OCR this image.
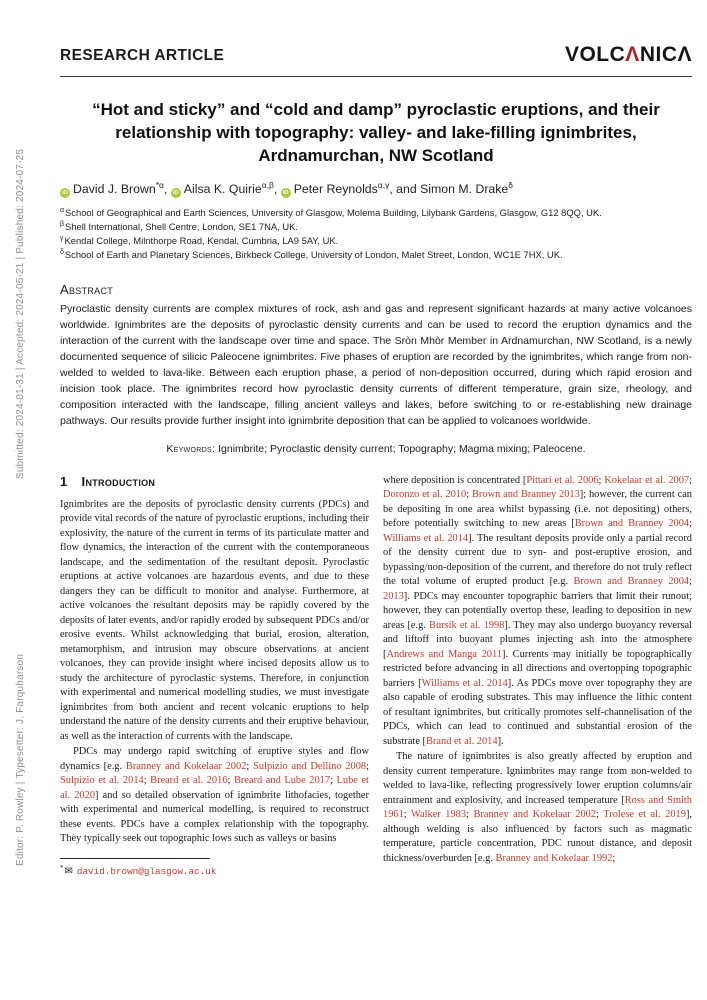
Submitted: 2024-01-31 | Accepted: 2024-05-21 | Published: 2024-07-25
Editor: P. Rowley | Typesetter: J. Farquharson
RESEARCH ARTICLE	VOLCΛNICΛ
“Hot and sticky” and “cold and damp” pyroclastic eruptions, and their relationship with topography: valley- and lake-filling ignimbrites, Ardnamurchan, NW Scotland
iD David J. Brown$^{*\alpha}$, iD Ailsa K. Quirie$^{\alpha,\beta}$, iD Peter Reynolds$^{\alpha,\gamma}$, and Simon M. Drake$^\delta$
$^\alpha$School of Geographical and Earth Sciences, University of Glasgow, Molema Building, Lilybank Gardens, Glasgow, G12 8QQ, UK.
$^\beta$Shell International, Shell Centre, London, SE1 7NA, UK.
$^\gamma$Kendal College, Milnthorpe Road, Kendal, Cumbria, LA9 5AY, UK.
$^\delta$School of Earth and Planetary Sciences, Birkbeck College, University of London, Malet Street, London, WC1E 7HX, UK.
Abstract
Pyroclastic density currents are complex mixtures of rock, ash and gas and represent significant hazards at many active volcanoes worldwide. Ignimbrites are the deposits of pyroclastic density currents and can be used to record the eruption dynamics and the interaction of the current with the landscape over time and space. The Sròn Mhòr Member in Ardnamurchan, NW Scotland, is a newly documented sequence of silicic Paleocene ignimbrites. Five phases of eruption are recorded by the ignimbrites, which range from non-welded to welded to lava-like. Between each eruption phase, a period of non-deposition occurred, during which rapid erosion and incision took place. The ignimbrites record how pyroclastic density currents of different temperature, grain size, rheology, and composition interacted with the landscape, filling ancient valleys and lakes, before switching to or re-establishing new drainage pathways. Our results provide further insight into ignimbrite deposition that can be applied to volcanoes worldwide.
Keywords: Ignimbrite; Pyroclastic density current; Topography; Magma mixing; Paleocene.
1 Introduction

Ignimbrites are the deposits of pyroclastic density currents (PDCs) and provide vital records of the nature of pyroclastic eruptions, including their explosivity, the nature of the current in terms of its particulate matter and flow dynamics, the interaction of the current with the contemporaneous landscape, and the sedimentation of the resultant deposit. Pyroclastic eruptions at active volcanoes are hazardous events, and due to these dangers they can be difficult to monitor and analyse. Furthermore, at active volcanoes the resultant deposits may be rapidly covered by the deposits of later events, and/or rapidly eroded by subsequent PDCs and/or erosive events. Whilst acknowledging that burial, erosion, alteration, metamorphism, and intrusion may obscure observations at ancient volcanoes, they can provide insight where incised deposits allow us to study the architecture of pyroclastic systems. Therefore, in conjunction with experimental and numerical modelling studies, we must investigate ignimbrites from both ancient and recent volcanic eruptions to help understand the nature of the density currents and their eruptive behaviour, as well as the interaction of currents with the landscape.

PDCs may undergo rapid switching of eruptive styles and flow dynamics [e.g. Branney and Kokelaar 2002; Sulpizio and Dellino 2008; Sulpizio et al. 2014; Breard et al. 2016; Breard and Lube 2017; Lube et al. 2020] and so detailed observation of ignimbrite lithofacies, together with experimental and numerical modelling, is required to reconstruct these events. PDCs have a complex relationship with the topography. They typically seek out topographic lows such as valleys or basins

*✉ david.brown@glasgow.ac.uk

where deposition is concentrated [Pittari et al. 2006; Kokelaar et al. 2007; Doronzo et al. 2010; Brown and Branney 2013]; however, the current can be depositing in one area whilst bypassing (i.e. not depositing) others, before potentially switching to new areas [Brown and Branney 2004; Williams et al. 2014]. The resultant deposits provide only a partial record of the density current due to syn- and post-eruptive erosion, and bypassing/non-deposition of the current, and therefore do not truly reflect the total volume of erupted product [e.g. Brown and Branney 2004; 2013]. PDCs may encounter topographic barriers that limit their runout; however, they can potentially overtop these, leading to deposition in new areas [e.g. Bursik et al. 1998]. They may also undergo buoyancy reversal and liftoff into buoyant plumes injecting ash into the atmosphere [Andrews and Manga 2011]. Currents may initially be topographically restricted before advancing in all directions and overtopping topographic barriers [Williams et al. 2014]. As PDCs move over topography they are also capable of eroding substrates. This may influence the lithic content of resultant ignimbrites, but critically promotes self-channelisation of the PDCs, which can lead to continued and substantial erosion of the substrate [Brand et al. 2014].

The nature of ignimbrites is also greatly affected by eruption and density current temperature. Ignimbrites may range from non-welded to welded to lava-like, reflecting progressively lower eruption columns/air entrainment and explosivity, and increased temperature [Ross and Smith 1961; Walker 1983; Branney and Kokelaar 2002; Trolese et al. 2019], although welding is also influenced by factors such as magmatic temperature, particle concentration, PDC runout distance, and deposit thickness/overburden [e.g. Branney and Kokelaar 1992;
